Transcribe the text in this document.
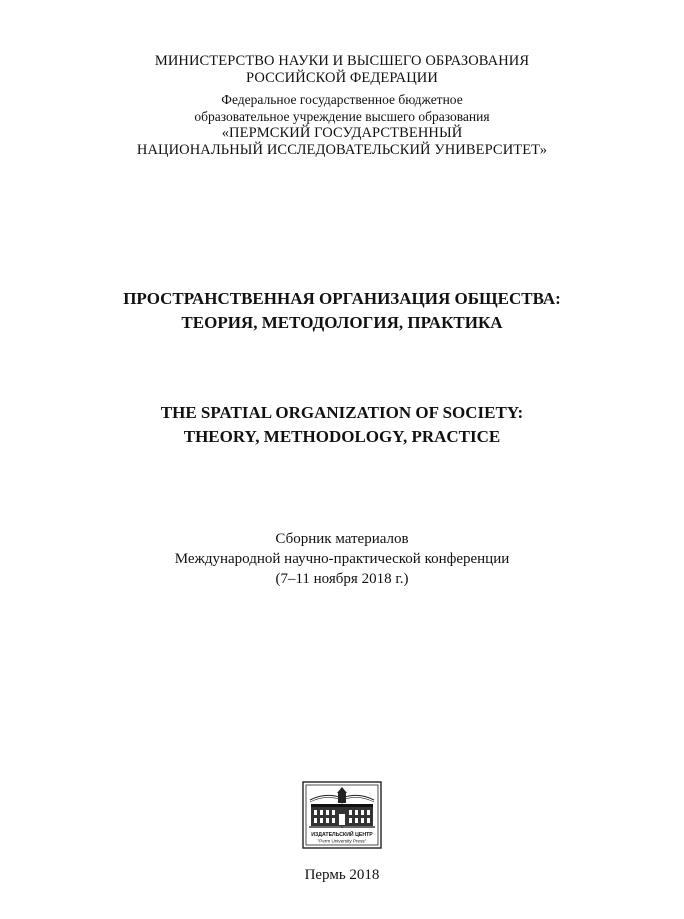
МИНИСТЕРСТВО НАУКИ И ВЫСШЕГО ОБРАЗОВАНИЯ
РОССИЙСКОЙ ФЕДЕРАЦИИ
Федеральное государственное бюджетное
образовательное учреждение высшего образования
«ПЕРМСКИЙ ГОСУДАРСТВЕННЫЙ
НАЦИОНАЛЬНЫЙ ИССЛЕДОВАТЕЛЬСКИЙ УНИВЕРСИТЕТ»
ПРОСТРАНСТВЕННАЯ ОРГАНИЗАЦИЯ ОБЩЕСТВА:
ТЕОРИЯ, МЕТОДОЛОГИЯ, ПРАКТИКА
THE SPATIAL ORGANIZATION OF SOCIETY:
THEORY, METHODOLOGY, PRACTICE
Сборник материалов
Международной научно-практической конференции
(7–11 ноября 2018 г.)
ИЗДАТЕЛЬСКИЙ ЦЕНТР
"Perm University Press"
Пермь 2018
